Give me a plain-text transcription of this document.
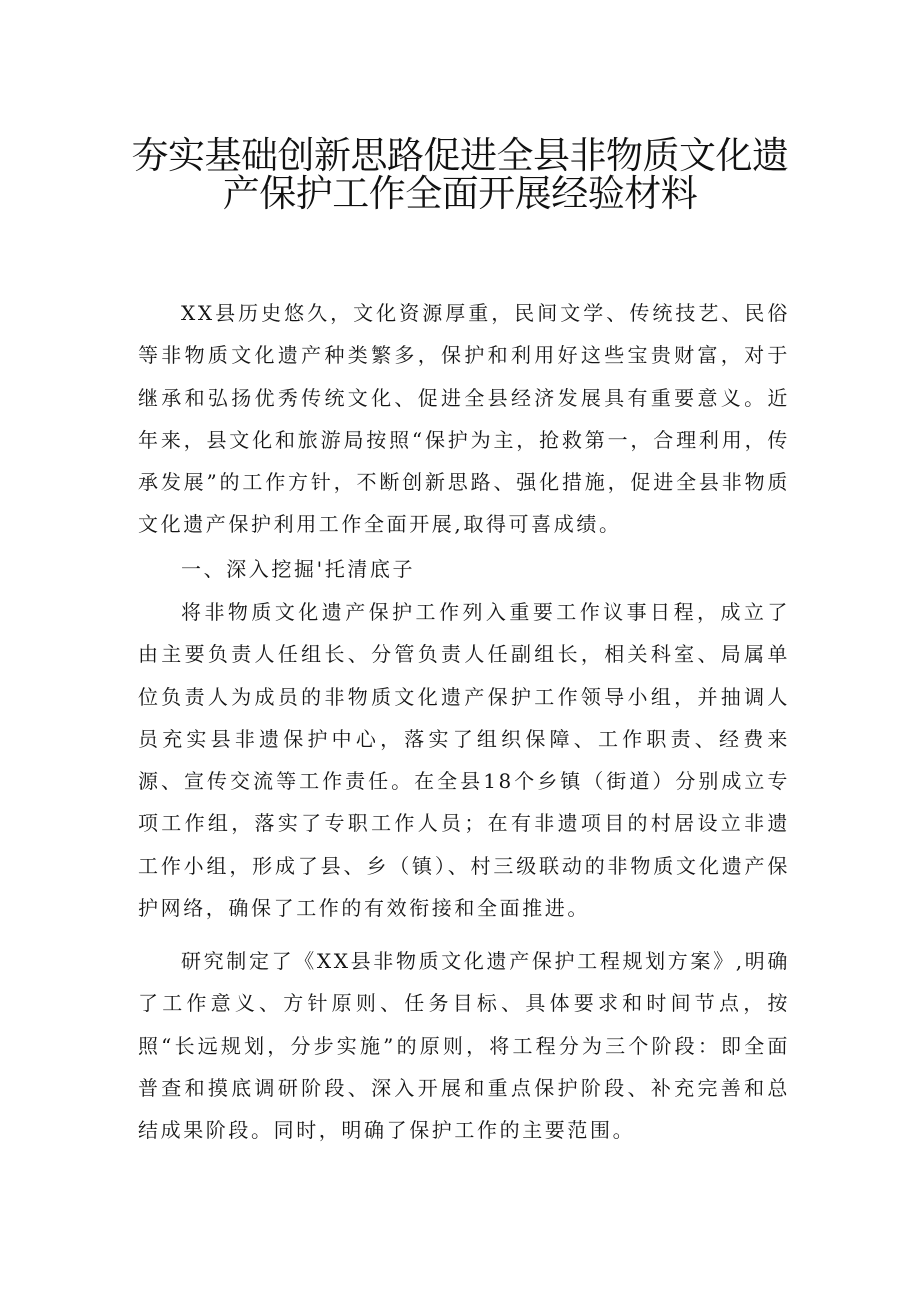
夯实基础创新思路促进全县非物质文化遗
产保护工作全面开展经验材料

XX县历史悠久，文化资源厚重，民间文学、传统技艺、民俗等非物质文化遗产种类繁多，保护和利用好这些宝贵财富，对于继承和弘扬优秀传统文化、促进全县经济发展具有重要意义。近年来，县文化和旅游局按照“保护为主，抢救第一，合理利用，传承发展”的工作方针，不断创新思路、强化措施，促进全县非物质文化遗产保护利用工作全面开展,取得可喜成绩。

一、深入挖掘'托清底子

将非物质文化遗产保护工作列入重要工作议事日程，成立了由主要负责人任组长、分管负责人任副组长，相关科室、局属单位负责人为成员的非物质文化遗产保护工作领导小组，并抽调人员充实县非遗保护中心，落实了组织保障、工作职责、经费来源、宣传交流等工作责任。在全县18个乡镇（街道）分别成立专项工作组，落实了专职工作人员；在有非遗项目的村居设立非遗工作小组，形成了县、乡（镇）、村三级联动的非物质文化遗产保护网络，确保了工作的有效衔接和全面推进。

研究制定了《XX县非物质文化遗产保护工程规划方案》,明确了工作意义、方针原则、任务目标、具体要求和时间节点，按照“长远规划，分步实施”的原则，将工程分为三个阶段：即全面普查和摸底调研阶段、深入开展和重点保护阶段、补充完善和总结成果阶段。同时，明确了保护工作的主要范围。
